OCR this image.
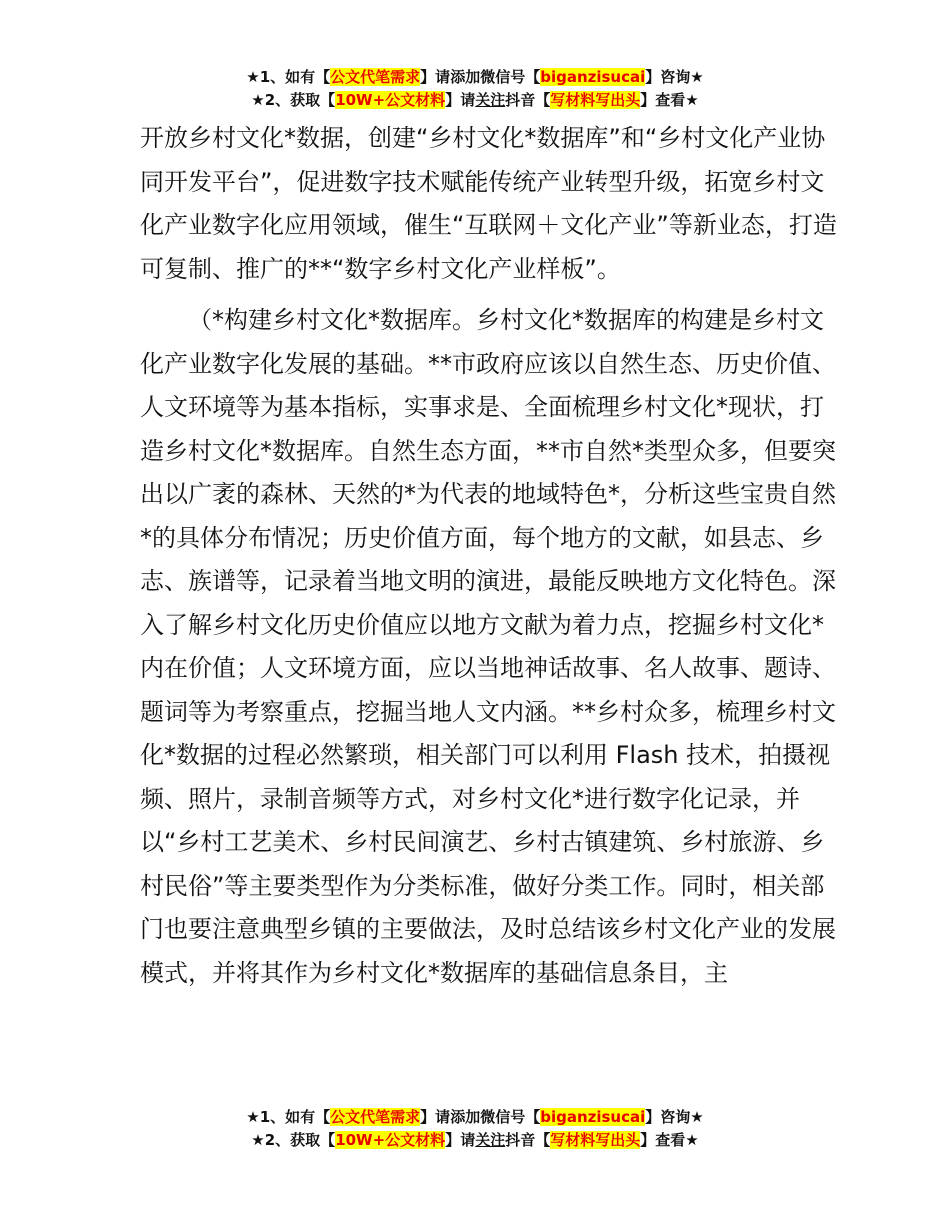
★1、如有【公文代笔需求】请添加微信号【biganzisucai】咨询★
★2、获取【10W+公文材料】请关注抖音【写材料写出头】查看★

开放乡村文化*数据，创建“乡村文化*数据库”和“乡村文化产业协同开发平台”，促进数字技术赋能传统产业转型升级，拓宽乡村文化产业数字化应用领域，催生“互联网＋文化产业”等新业态，打造可复制、推广的**“数字乡村文化产业样板”。

（*构建乡村文化*数据库。乡村文化*数据库的构建是乡村文化产业数字化发展的基础。**市政府应该以自然生态、历史价值、人文环境等为基本指标，实事求是、全面梳理乡村文化*现状，打造乡村文化*数据库。自然生态方面，**市自然*类型众多，但要突出以广袤的森林、天然的*为代表的地域特色*，分析这些宝贵自然*的具体分布情况；历史价值方面，每个地方的文献，如县志、乡志、族谱等，记录着当地文明的演进，最能反映地方文化特色。深入了解乡村文化历史价值应以地方文献为着力点，挖掘乡村文化*内在价值；人文环境方面，应以当地神话故事、名人故事、题诗、题词等为考察重点，挖掘当地人文内涵。**乡村众多，梳理乡村文化*数据的过程必然繁琐，相关部门可以利用 Flash 技术，拍摄视频、照片，录制音频等方式，对乡村文化*进行数字化记录，并以“乡村工艺美术、乡村民间演艺、乡村古镇建筑、乡村旅游、乡村民俗”等主要类型作为分类标准，做好分类工作。同时，相关部门也要注意典型乡镇的主要做法，及时总结该乡村文化产业的发展模式，并将其作为乡村文化*数据库的基础信息条目，主

★1、如有【公文代笔需求】请添加微信号【biganzisucai】咨询★
★2、获取【10W+公文材料】请关注抖音【写材料写出头】查看★
